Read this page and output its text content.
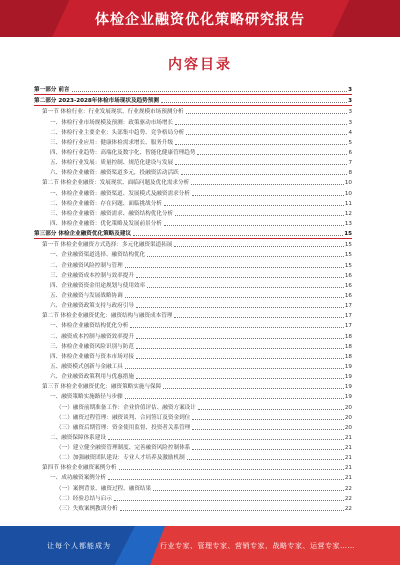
体检企业融资优化策略研究报告
内容目录
第一部分 前言	3
第二部分 2023-2028年体检市场现状及趋势预测	3
第一节 体检行业：行业发展现状、行业规模市场预测分析	3
一、体检行业市场规模及预测：政策驱动市场增长	3
二、体检行业主要企业：头部集中趋势、竞争格局分析	4
三、体检行业应用：健康体检需求增长、服务升级	5
四、体检行业趋势：高端化及数字化、智能化健康管理趋势	6
五、体检行业发展：质量控制、规范化建设与发展	7
六、体检企业融资：融资渠道多元，投融资活动活跃	8
第二节 体检企业融资：发展现状、面临问题及优化需求分析	10
一、体检企业融资：融资渠道、发展模式及融资需求分析	10
二、体检企业融资：存在问题、面临挑战分析	11
三、体检企业融资：融资需求、融资结构优化分析	12
四、体检企业融资：优化策略及发展前景分析	13
第三部分 体检企业融资优化策略及建议	15
第一节 体检企业融资方式选择：多元化融资渠道拓展	15
一、企业融资渠道选择、融资结构优化	15
二、企业融资风险控制与管理	15
三、企业融资成本控制与效率提升	16
四、企业融资资金用途规划与使用效率	16
五、企业融资与发展战略协调	16
六、企业融资政策支持与政府引导	17
第二节 体检企业融资优化：融资结构与融资成本管理	17
一、体检企业融资结构优化分析	17
二、融资成本控制与融资效率提升	18
三、体检企业融资风险识别与防范	18
四、体检企业融资与资本市场对接	18
五、融资模式创新与金融工具	19
六、企业融资政策利用与优惠措施	19
第三节 体检企业融资优化：融资策略实施与保障	19
一、融资策略实施路径与步骤	19
（一）融资前期准备工作：企业价值评估、融资方案设计	20
（二）融资过程管理：融资谈判、合同签订及资金到位	20
（三）融资后期管理：资金使用监督、投资者关系管理	20
二、融资保障体系建设	21
（一）建立健全融资管理制度、完善融资风险控制体系	21
（二）加强融资团队建设：专业人才培养及激励机制	21
第四节 体检企业融资案例分析	21
一、成功融资案例分析	21
（一）案例背景、融资过程、融资结果	22
（二）经验总结与启示	22
（三）失败案例教训分析	22
让每个人都能成为	行业专家、管理专家、营销专家、战略专家、运营专家……
